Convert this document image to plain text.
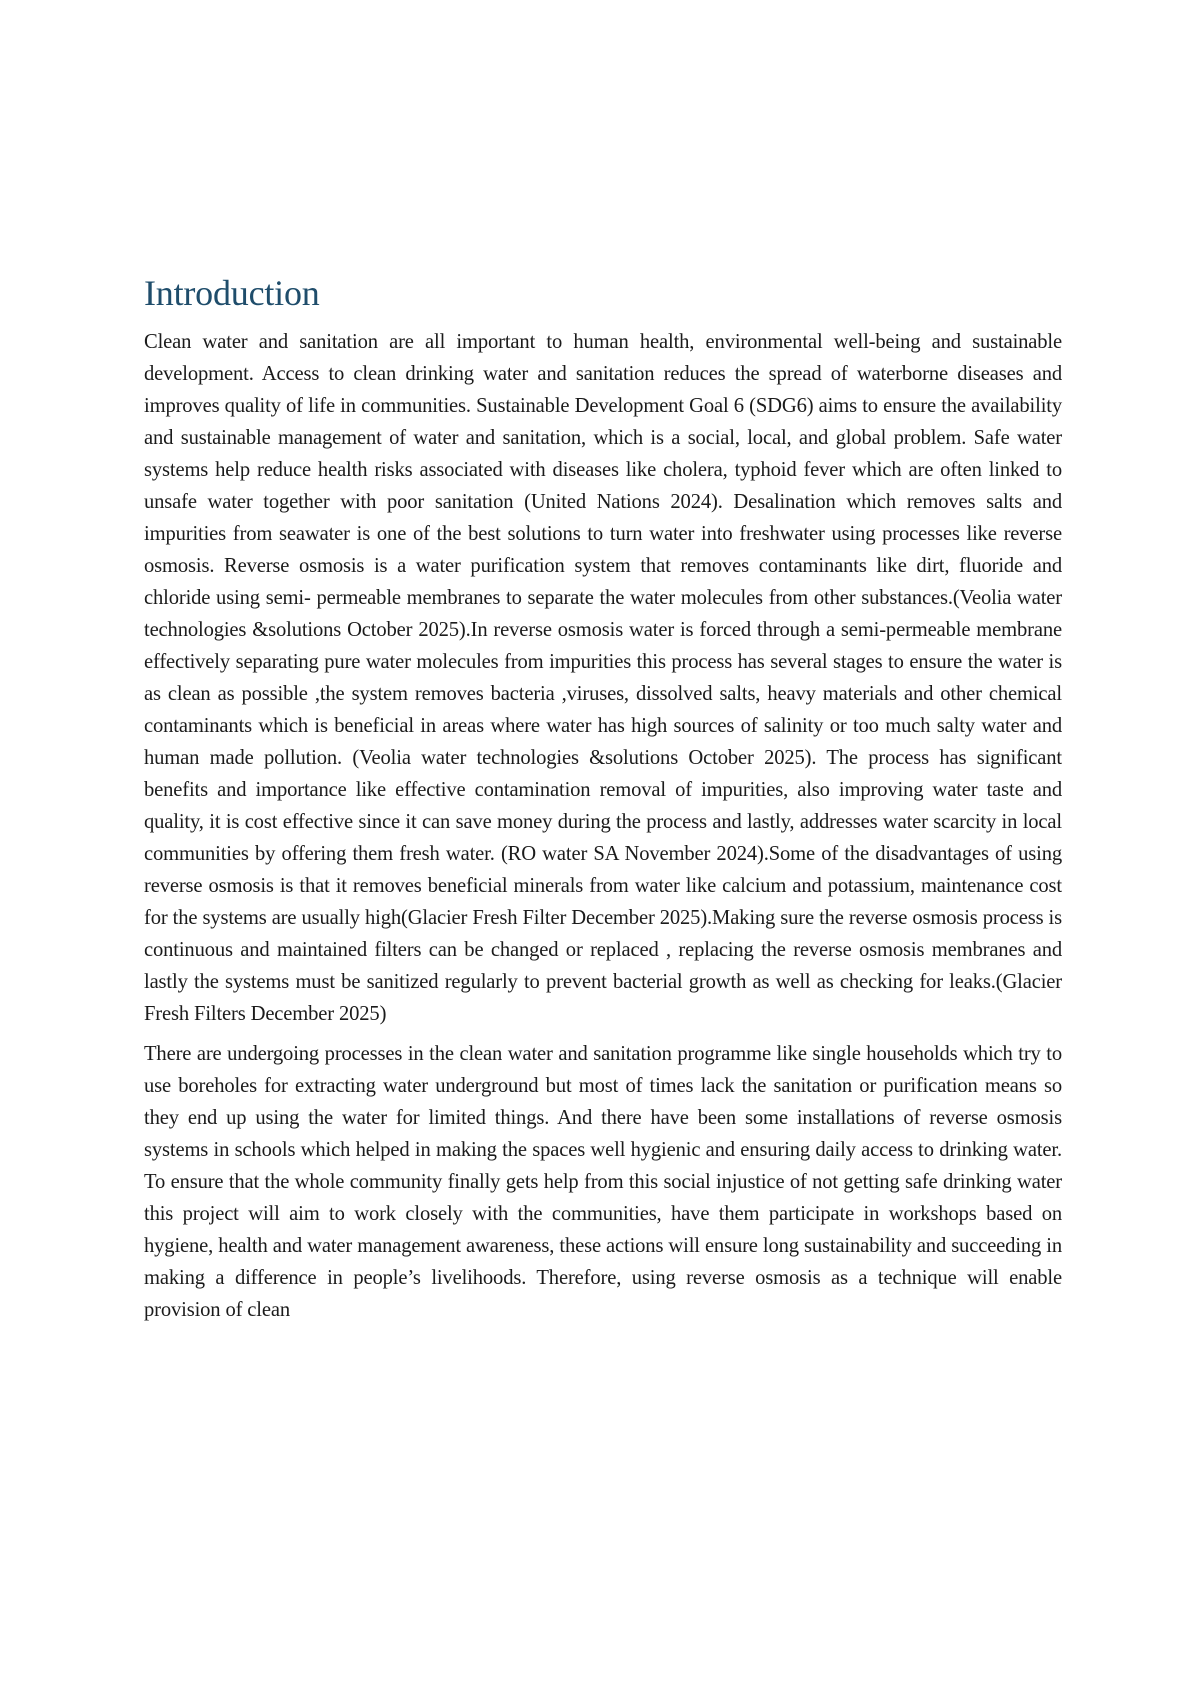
Introduction

Clean water and sanitation are all important to human health, environmental well-being and sustainable development. Access to clean drinking water and sanitation reduces the spread of waterborne diseases and improves quality of life in communities. Sustainable Development Goal 6 (SDG6) aims to ensure the availability and sustainable management of water and sanitation, which is a social, local, and global problem. Safe water systems help reduce health risks associated with diseases like cholera, typhoid fever which are often linked to unsafe water together with poor sanitation (United Nations 2024). Desalination which removes salts and impurities from seawater is one of the best solutions to turn water into freshwater using processes like reverse osmosis. Reverse osmosis is a water purification system that removes contaminants like dirt, fluoride and chloride using semi- permeable membranes to separate the water molecules from other substances.(Veolia water technologies &solutions October 2025).In reverse osmosis water is forced through a semi-permeable membrane effectively separating pure water molecules from impurities this process has several stages to ensure the water is as clean as possible ,the system removes bacteria ,viruses, dissolved salts, heavy materials and other chemical contaminants which is beneficial in areas where water has high sources of salinity or too much salty water and human made pollution. (Veolia water technologies &solutions October 2025). The process has significant benefits and importance like effective contamination removal of impurities, also improving water taste and quality, it is cost effective since it can save money during the process and lastly, addresses water scarcity in local communities by offering them fresh water. (RO water SA November 2024).Some of the disadvantages of using reverse osmosis is that it removes beneficial minerals from water like calcium and potassium, maintenance cost for the systems are usually high(Glacier Fresh Filter December 2025).Making sure the reverse osmosis process is continuous and maintained filters can be changed or replaced , replacing the reverse osmosis membranes and lastly the systems must be sanitized regularly to prevent bacterial growth as well as checking for leaks.(Glacier Fresh Filters December 2025)

There are undergoing processes in the clean water and sanitation programme like single households which try to use boreholes for extracting water underground but most of times lack the sanitation or purification means so they end up using the water for limited things. And there have been some installations of reverse osmosis systems in schools which helped in making the spaces well hygienic and ensuring daily access to drinking water. To ensure that the whole community finally gets help from this social injustice of not getting safe drinking water this project will aim to work closely with the communities, have them participate in workshops based on hygiene, health and water management awareness, these actions will ensure long sustainability and succeeding in making a difference in people’s livelihoods. Therefore, using reverse osmosis as a technique will enable provision of clean
